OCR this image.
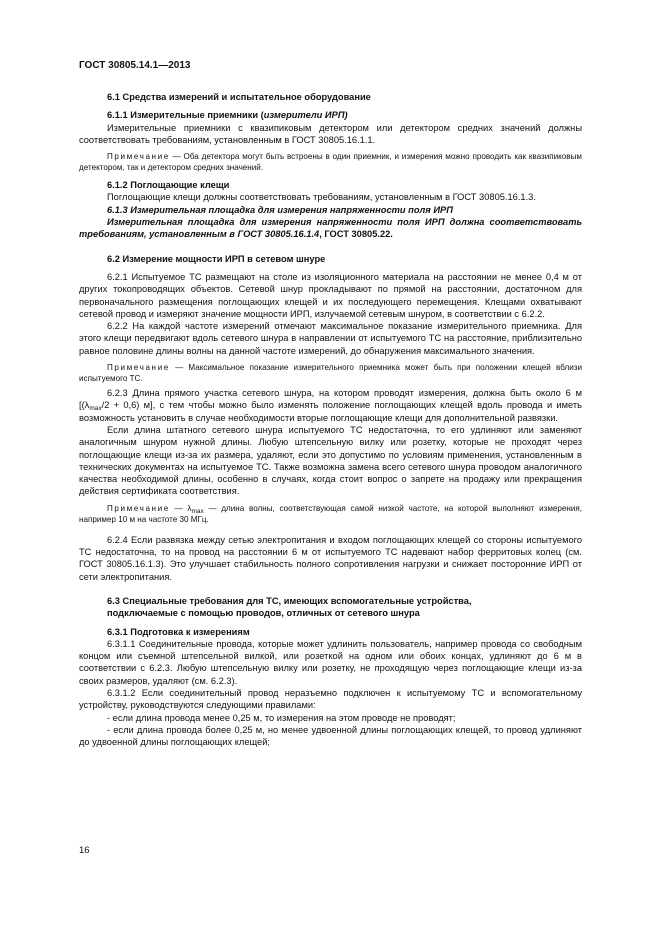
ГОСТ 30805.14.1—2013

6.1 Средства измерений и испытательное оборудование

6.1.1 Измерительные приемники (измерители ИРП)

Измерительные приемники с квазипиковым детектором или детектором средних значений должны соответствовать требованиям, установленным в ГОСТ 30805.16.1.1.

Примечание — Оба детектора могут быть встроены в один приемник, и измерения можно проводить как квазипиковым детектором, так и детектором средних значений.

6.1.2 Поглощающие клещи

Поглощающие клещи должны соответствовать требованиям, установленным в ГОСТ 30805.16.1.3.

6.1.3 Измерительная площадка для измерения напряженности поля ИРП

Измерительная площадка для измерения напряженности поля ИРП должна соответствовать требованиям, установленным в ГОСТ 30805.16.1.4, ГОСТ 30805.22.

6.2 Измерение мощности ИРП в сетевом шнуре

6.2.1 Испытуемое ТС размещают на столе из изоляционного материала на расстоянии не менее 0,4 м от других токопроводящих объектов. Сетевой шнур прокладывают по прямой на расстоянии, достаточном для первоначального размещения поглощающих клещей и их последующего перемещения. Клещами охватывают сетевой провод и измеряют значение мощности ИРП, излучаемой сетевым шнуром, в соответствии с 6.2.2.

6.2.2 На каждой частоте измерений отмечают максимальное показание измерительного приемника. Для этого клещи передвигают вдоль сетевого шнура в направлении от испытуемого ТС на расстояние, приблизительно равное половине длины волны на данной частоте измерений, до обнаружения максимального значения.

Примечание — Максимальное показание измерительного приемника может быть при положении клещей вблизи испытуемого ТС.

6.2.3 Длина прямого участка сетевого шнура, на котором проводят измерения, должна быть около 6 м [$(\lambda_{max}/2 + 0,6)$ м], с тем чтобы можно было изменять положение поглощающих клещей вдоль провода и иметь возможность установить в случае необходимости вторые поглощающие клещи для дополнительной развязки.

Если длина штатного сетевого шнура испытуемого ТС недостаточна, то его удлиняют или заменяют аналогичным шнуром нужной длины. Любую штепсельную вилку или розетку, которые не проходят через поглощающие клещи из-за их размера, удаляют, если это допустимо по условиям применения, установленным в технических документах на испытуемое ТС. Также возможна замена всего сетевого шнура проводом аналогичного качества необходимой длины, особенно в случаях, когда стоит вопрос о запрете на продажу или прекращения действия сертификата соответствия.

Примечание — $\lambda_{max}$ — длина волны, соответствующая самой низкой частоте, на которой выполняют измерения, например 10 м на частоте 30 МГц.

6.2.4 Если развязка между сетью электропитания и входом поглощающих клещей со стороны испытуемого ТС недостаточна, то на провод на расстоянии 6 м от испытуемого ТС надевают набор ферритовых колец (см. ГОСТ 30805.16.1.3). Это улучшает стабильность полного сопротивления нагрузки и снижает посторонние ИРП от сети электропитания.

6.3 Специальные требования для ТС, имеющих вспомогательные устройства,
подключаемые с помощью проводов, отличных от сетевого шнура

6.3.1 Подготовка к измерениям

6.3.1.1 Соединительные провода, которые может удлинить пользователь, например провода со свободным концом или съемной штепсельной вилкой, или розеткой на одном или обоих концах, удлиняют до 6 м в соответствии с 6.2.3. Любую штепсельную вилку или розетку, не проходящую через поглощающие клещи из-за своих размеров, удаляют (см. 6.2.3).

6.3.1.2 Если соединительный провод неразъемно подключен к испытуемому ТС и вспомогательному устройству, руководствуются следующими правилами:

- если длина провода менее 0,25 м, то измерения на этом проводе не проводят;

- если длина провода более 0,25 м, но менее удвоенной длины поглощающих клещей, то провод удлиняют до удвоенной длины поглощающих клещей;

16
